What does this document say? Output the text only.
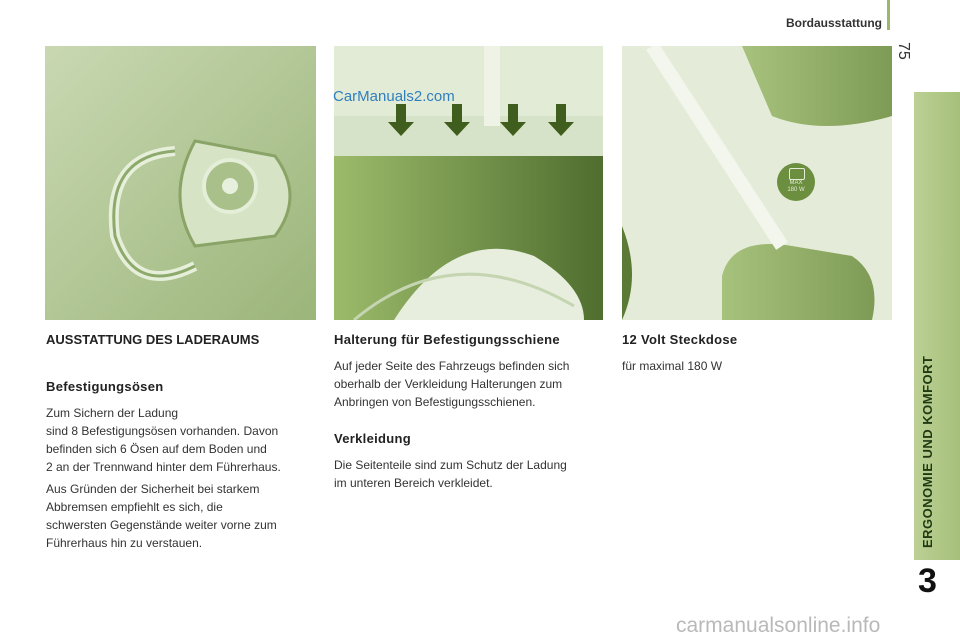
Bordausstattung
75
ERGONOMIE UND KOMFORT
3
CarManuals2.com
MAX
180 W
AUSSTATTUNG DES LADERAUMS
Befestigungsösen

Zum Sichern der Ladung

sind 8 Befestigungsösen vorhanden. Davon

befinden sich 6 Ösen auf dem Boden und

2 an der Trennwand hinter dem Führerhaus.

Aus Gründen der Sicherheit bei starkem

Abbremsen empfiehlt es sich, die

schwersten Gegenstände weiter vorne zum

Führerhaus hin zu verstauen.

Halterung für Befestigungsschiene

Auf jeder Seite des Fahrzeugs befinden sich

oberhalb der Verkleidung Halterungen zum

Anbringen von Befestigungsschienen.

Verkleidung

Die Seitenteile sind zum Schutz der Ladung

im unteren Bereich verkleidet.

12 Volt Steckdose

für maximal 180 W

carmanualsonline.info
